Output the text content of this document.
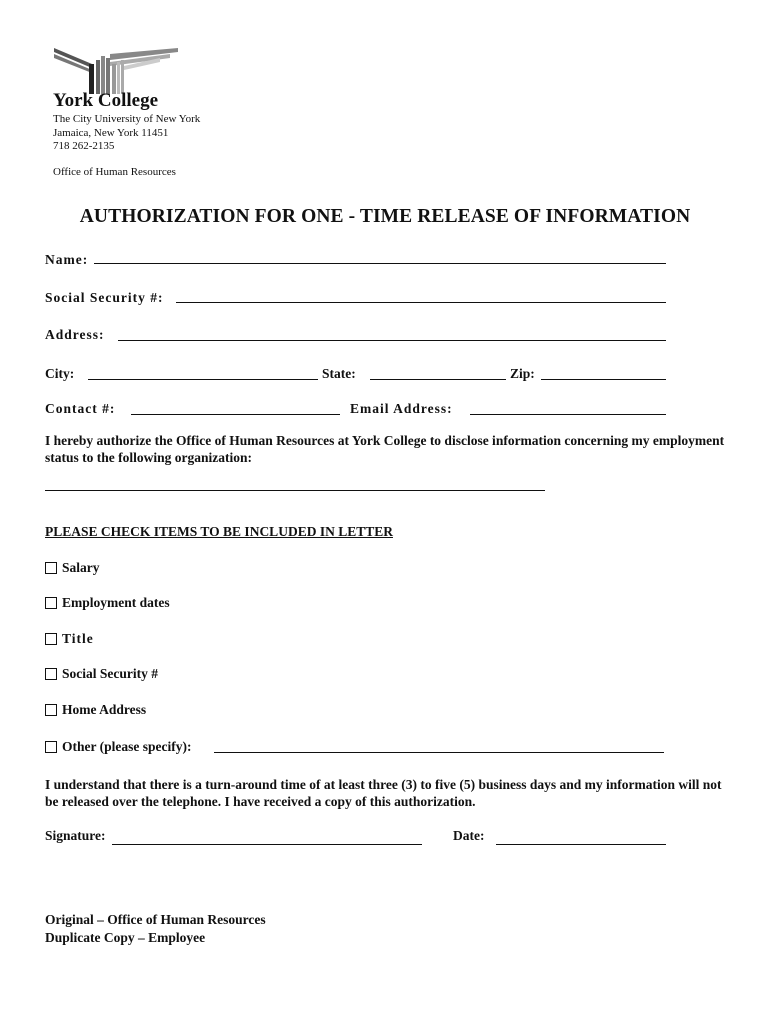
York College
The City University of New York
Jamaica, New York 11451
718 262-2135
Office of Human Resources
AUTHORIZATION FOR ONE - TIME RELEASE OF INFORMATION
Name:
Social Security #:
Address:
City:	State:	Zip:
Contact #:	Email Address:
I hereby authorize the Office of Human Resources at York College to disclose information concerning my employment status to the following organization:
PLEASE CHECK ITEMS TO BE INCLUDED IN LETTER
Salary
Employment dates
Title
Social Security #
Home Address
Other (please specify):
I understand that there is a turn-around time of at least three (3) to five (5) business days and my information will not be released over the telephone. I have received a copy of this authorization.
Signature:	Date:
Original – Office of Human Resources
Duplicate Copy – Employee
